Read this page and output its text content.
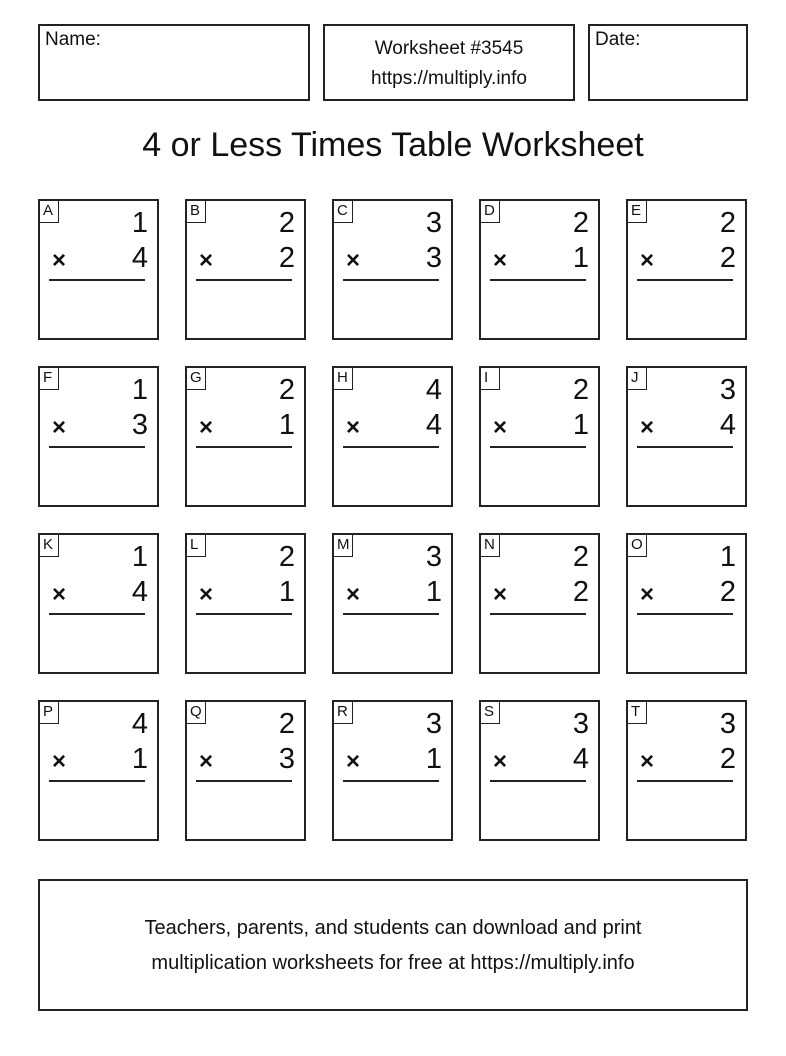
Name:	Worksheet #3545
https://multiply.info
Date:
4 or Less Times Table Worksheet
A	1
× 4
B	2
× 2
C	3
× 3
D	2
× 1
E	2
× 2
F	1
× 3
G	2
× 1
H	4
× 4
I	2
× 1
J	3
× 4
K	1
× 4
L	2
× 1
M	3
× 1
N	2
× 2
O	1
× 2
P	4
× 1
Q	2
× 3
R	3
× 1
S	3
× 4
T	3
× 2
Teachers, parents, and students can download and print
multiplication worksheets for free at https://multiply.info
